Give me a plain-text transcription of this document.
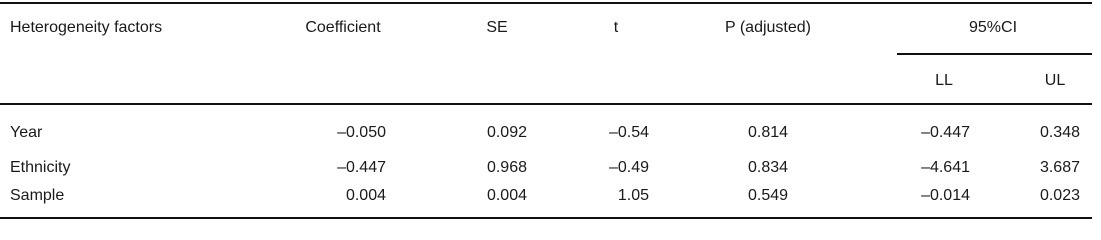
Heterogeneity factors	Coefficient	SE	t	P (adjusted)	95%CI
LL	UL
Year	–0.050	0.092	–0.54	0.814	–0.447	0.348
Ethnicity	–0.447	0.968	–0.49	0.834	–4.641	3.687
Sample	0.004	0.004	1.05	0.549	–0.014	0.023
